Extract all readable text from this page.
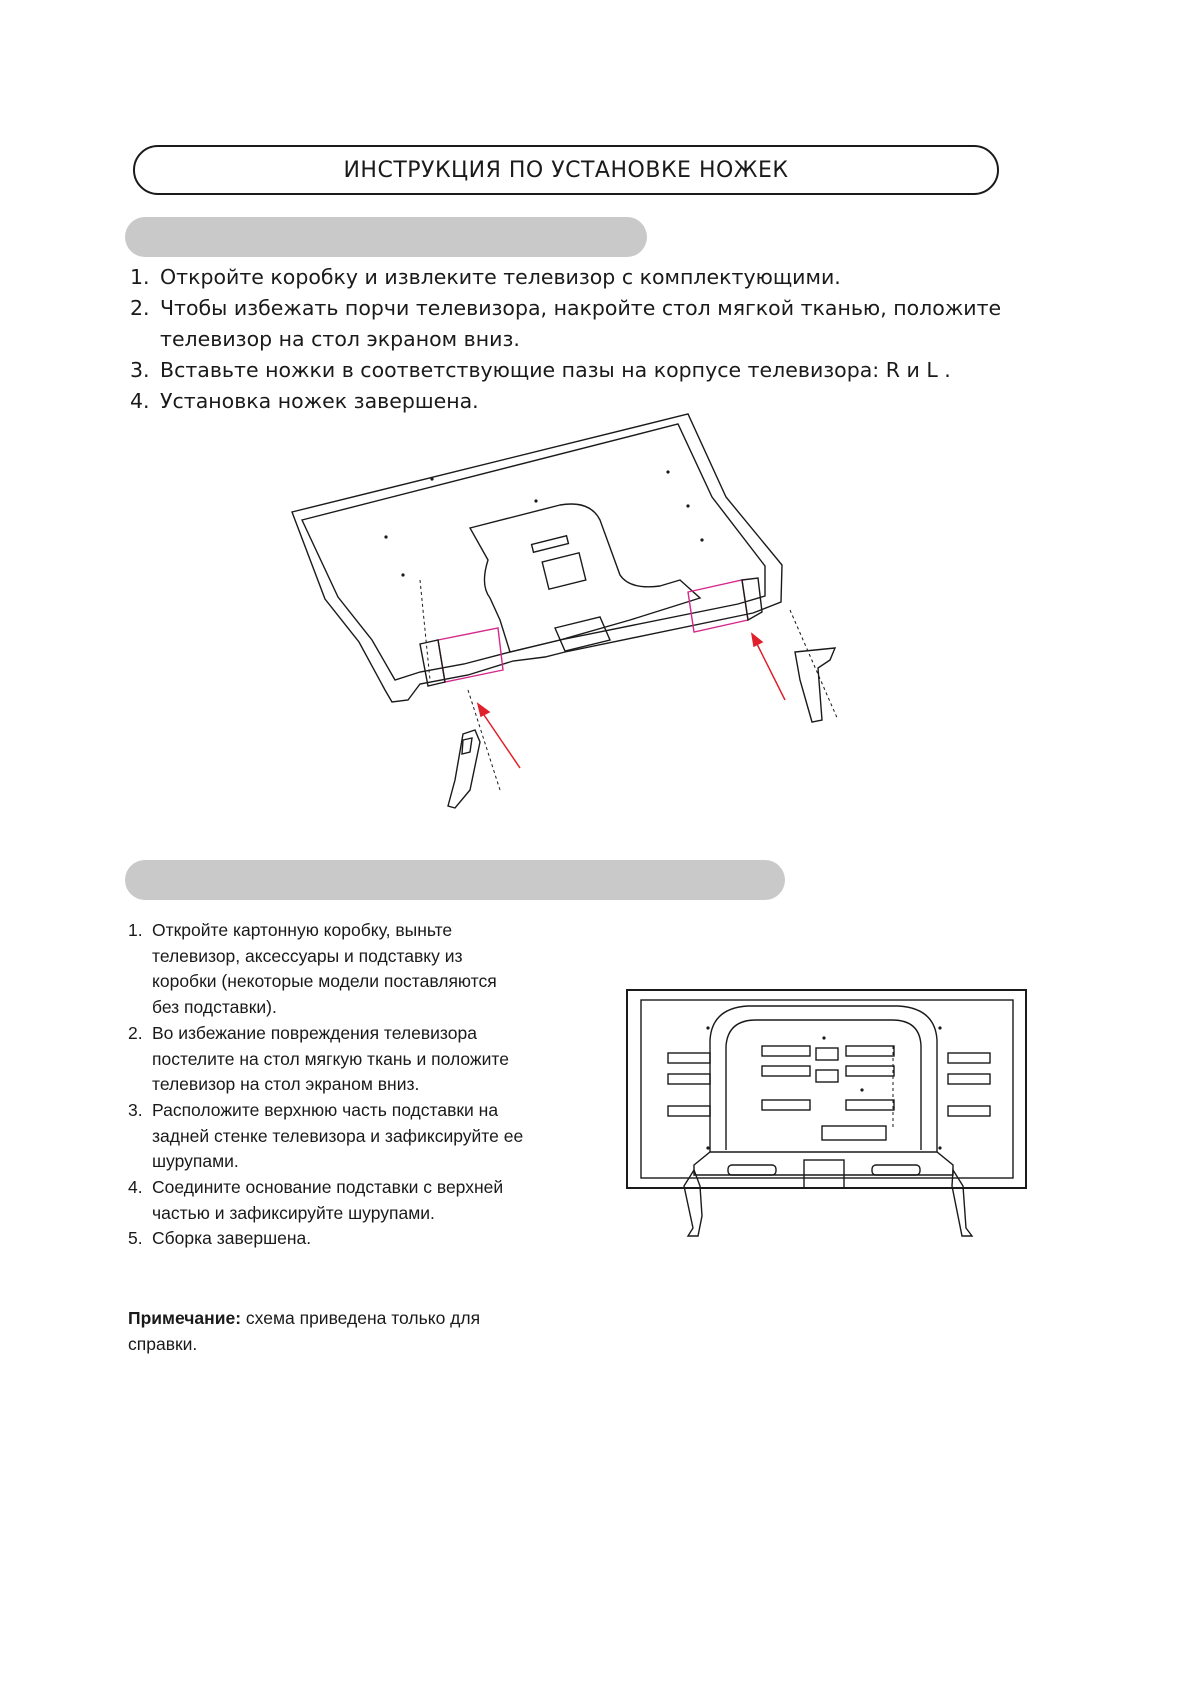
ИНСТРУКЦИЯ ПО УСТАНОВКЕ НОЖЕК
1. Откройте коробку и извлеките телевизор с комплектующими.
2. Чтобы избежать порчи телевизора, накройте стол мягкой тканью, положите телевизор на стол экраном вниз.
3. Вставьте ножки в соответствующие пазы на корпусе телевизора: R и L .
4. Установка ножек завершена.
1. Откройте картонную коробку, выньте телевизор, аксессуары и подставку из коробки (некоторые модели поставляются без подставки).
2. Во избежание повреждения телевизора постелите на стол мягкую ткань и положите телевизор на стол экраном вниз.
3. Расположите верхнюю часть подставки на задней стенке телевизора и зафиксируйте ее шурупами.
4. Соедините основание подставки с верхней частью и зафиксируйте шурупами.
5. Сборка завершена.
Примечание: схема приведена только для справки.
